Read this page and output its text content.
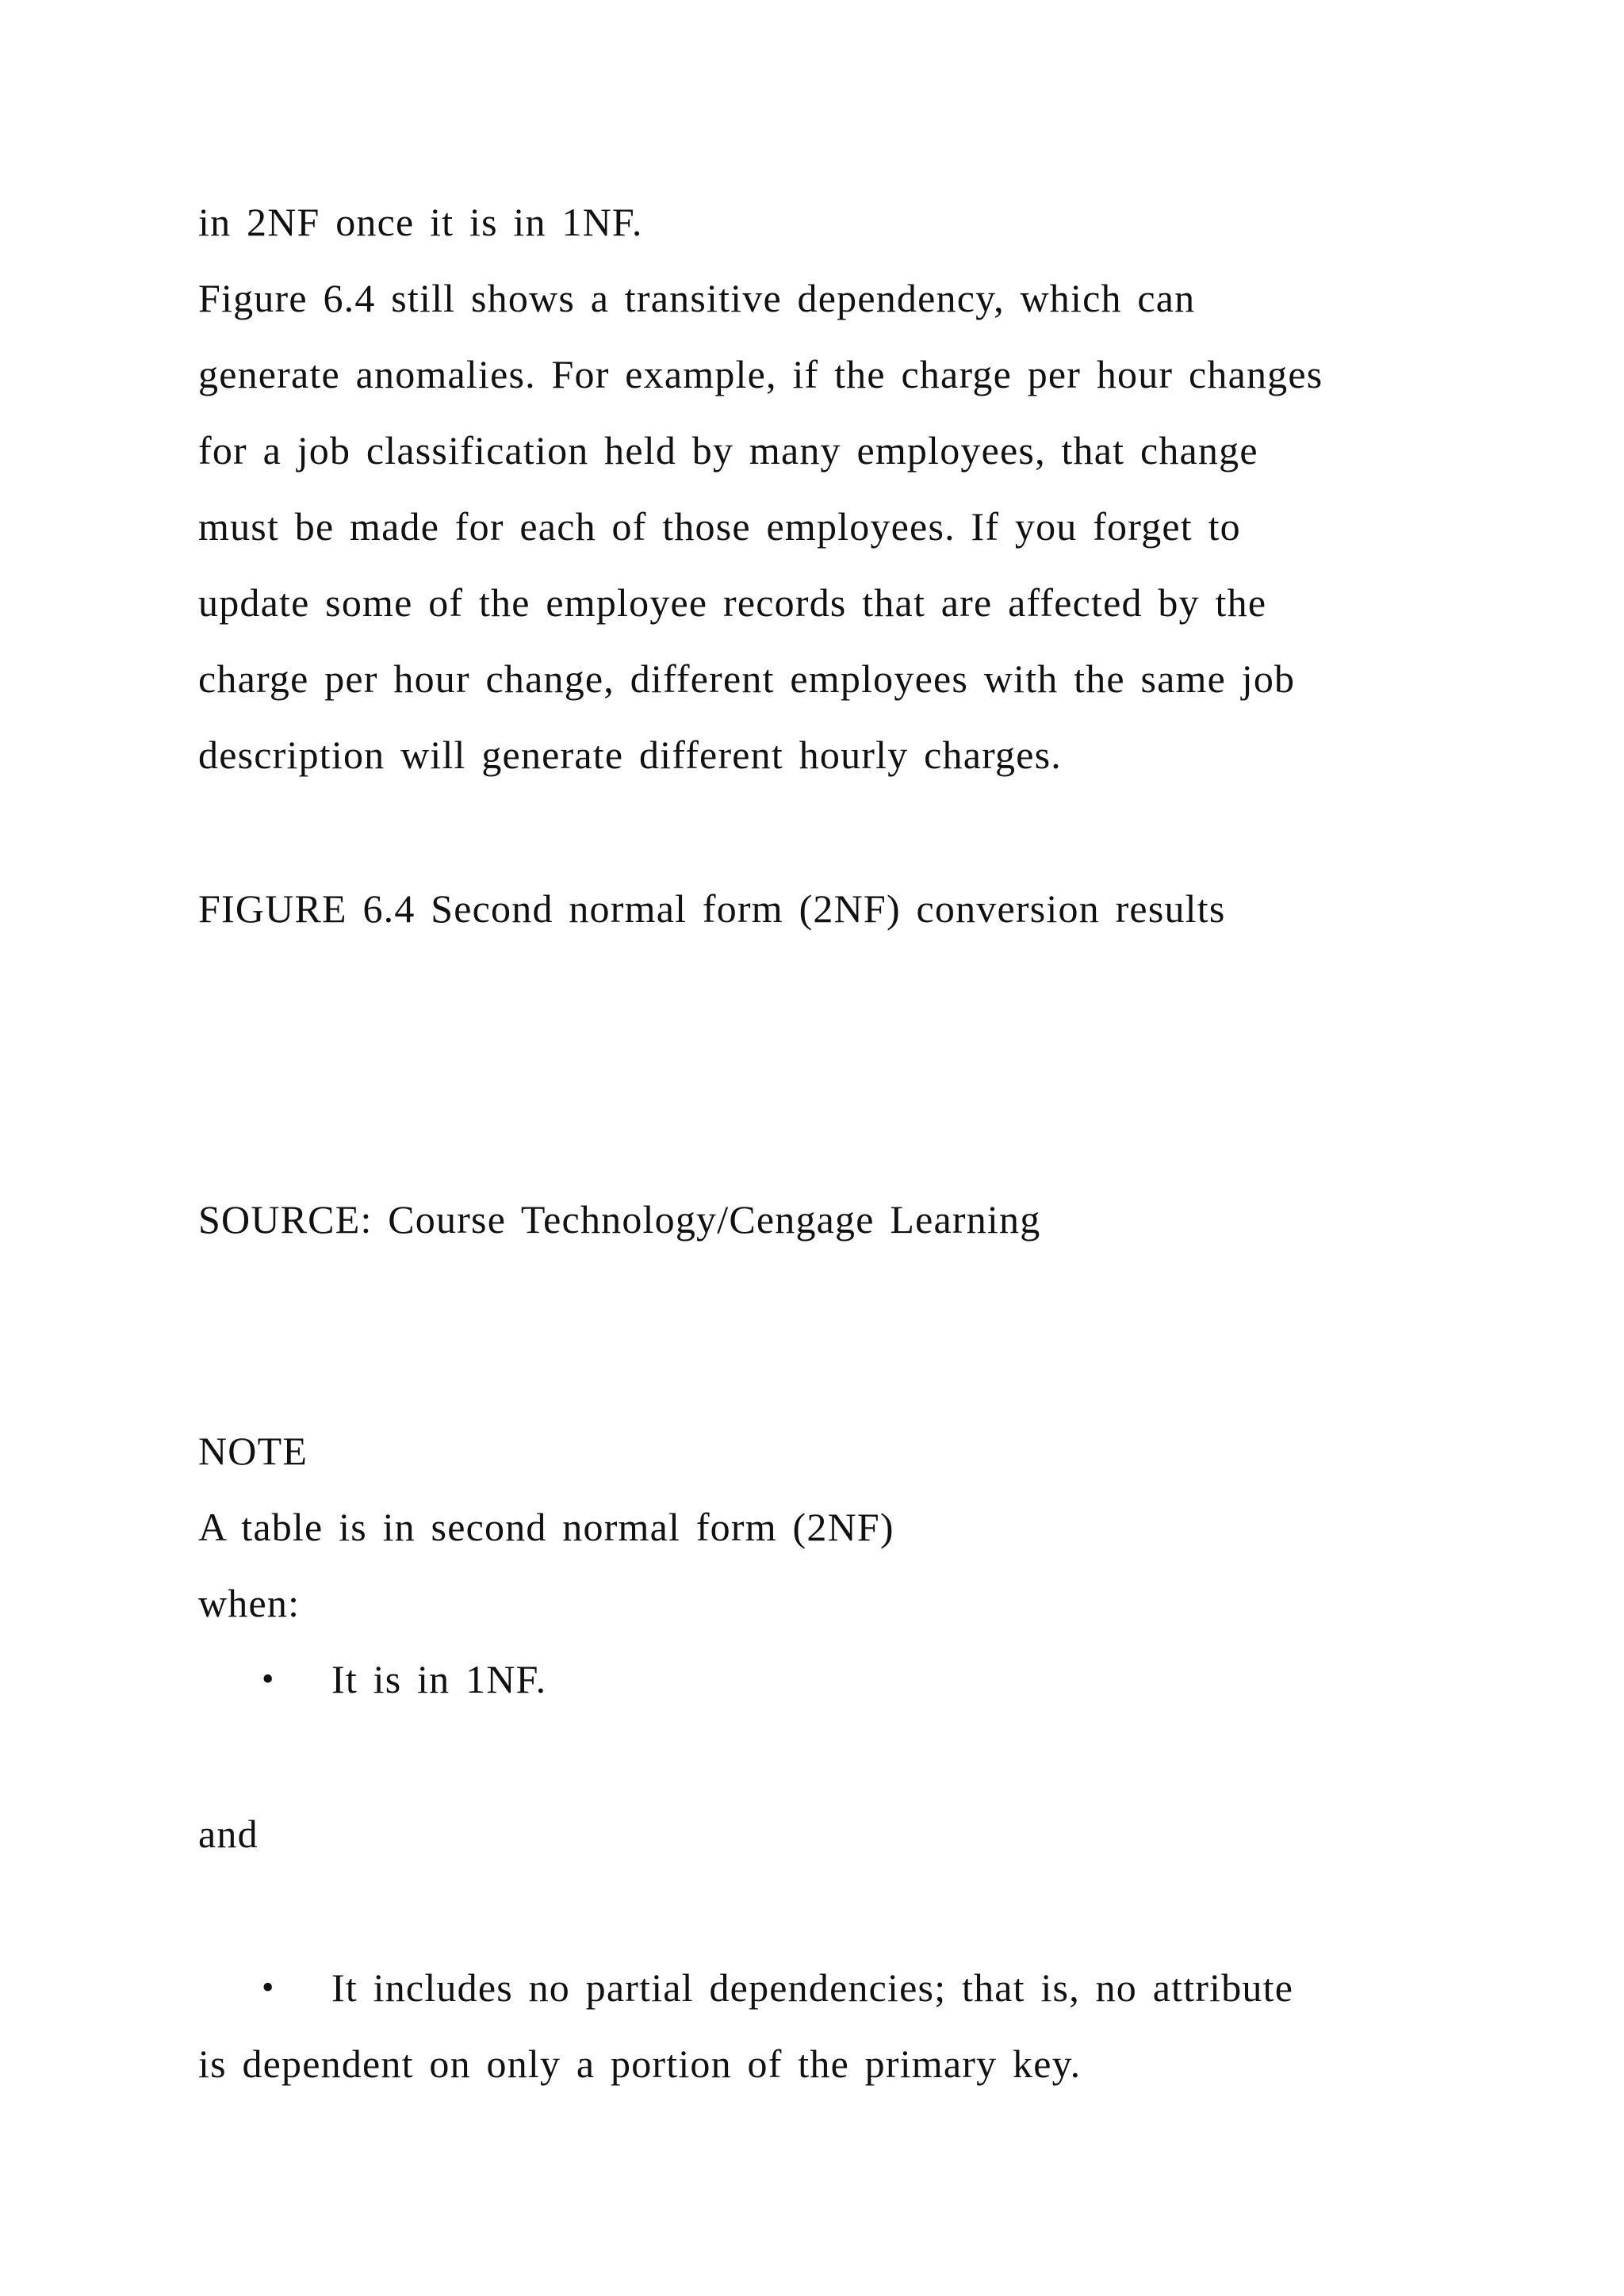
in 2NF once it is in 1NF.
Figure 6.4 still shows a transitive dependency, which can
generate anomalies. For example, if the charge per hour changes
for a job classification held by many employees, that change
must be made for each of those employees. If you forget to
update some of the employee records that are affected by the
charge per hour change, different employees with the same job
description will generate different hourly charges.
FIGURE 6.4 Second normal form (2NF) conversion results
SOURCE: Course Technology/Cengage Learning
NOTE
A table is in second normal form (2NF)
when:
• It is in 1NF.
and
• It includes no partial dependencies; that is, no attribute
is dependent on only a portion of the primary key.
